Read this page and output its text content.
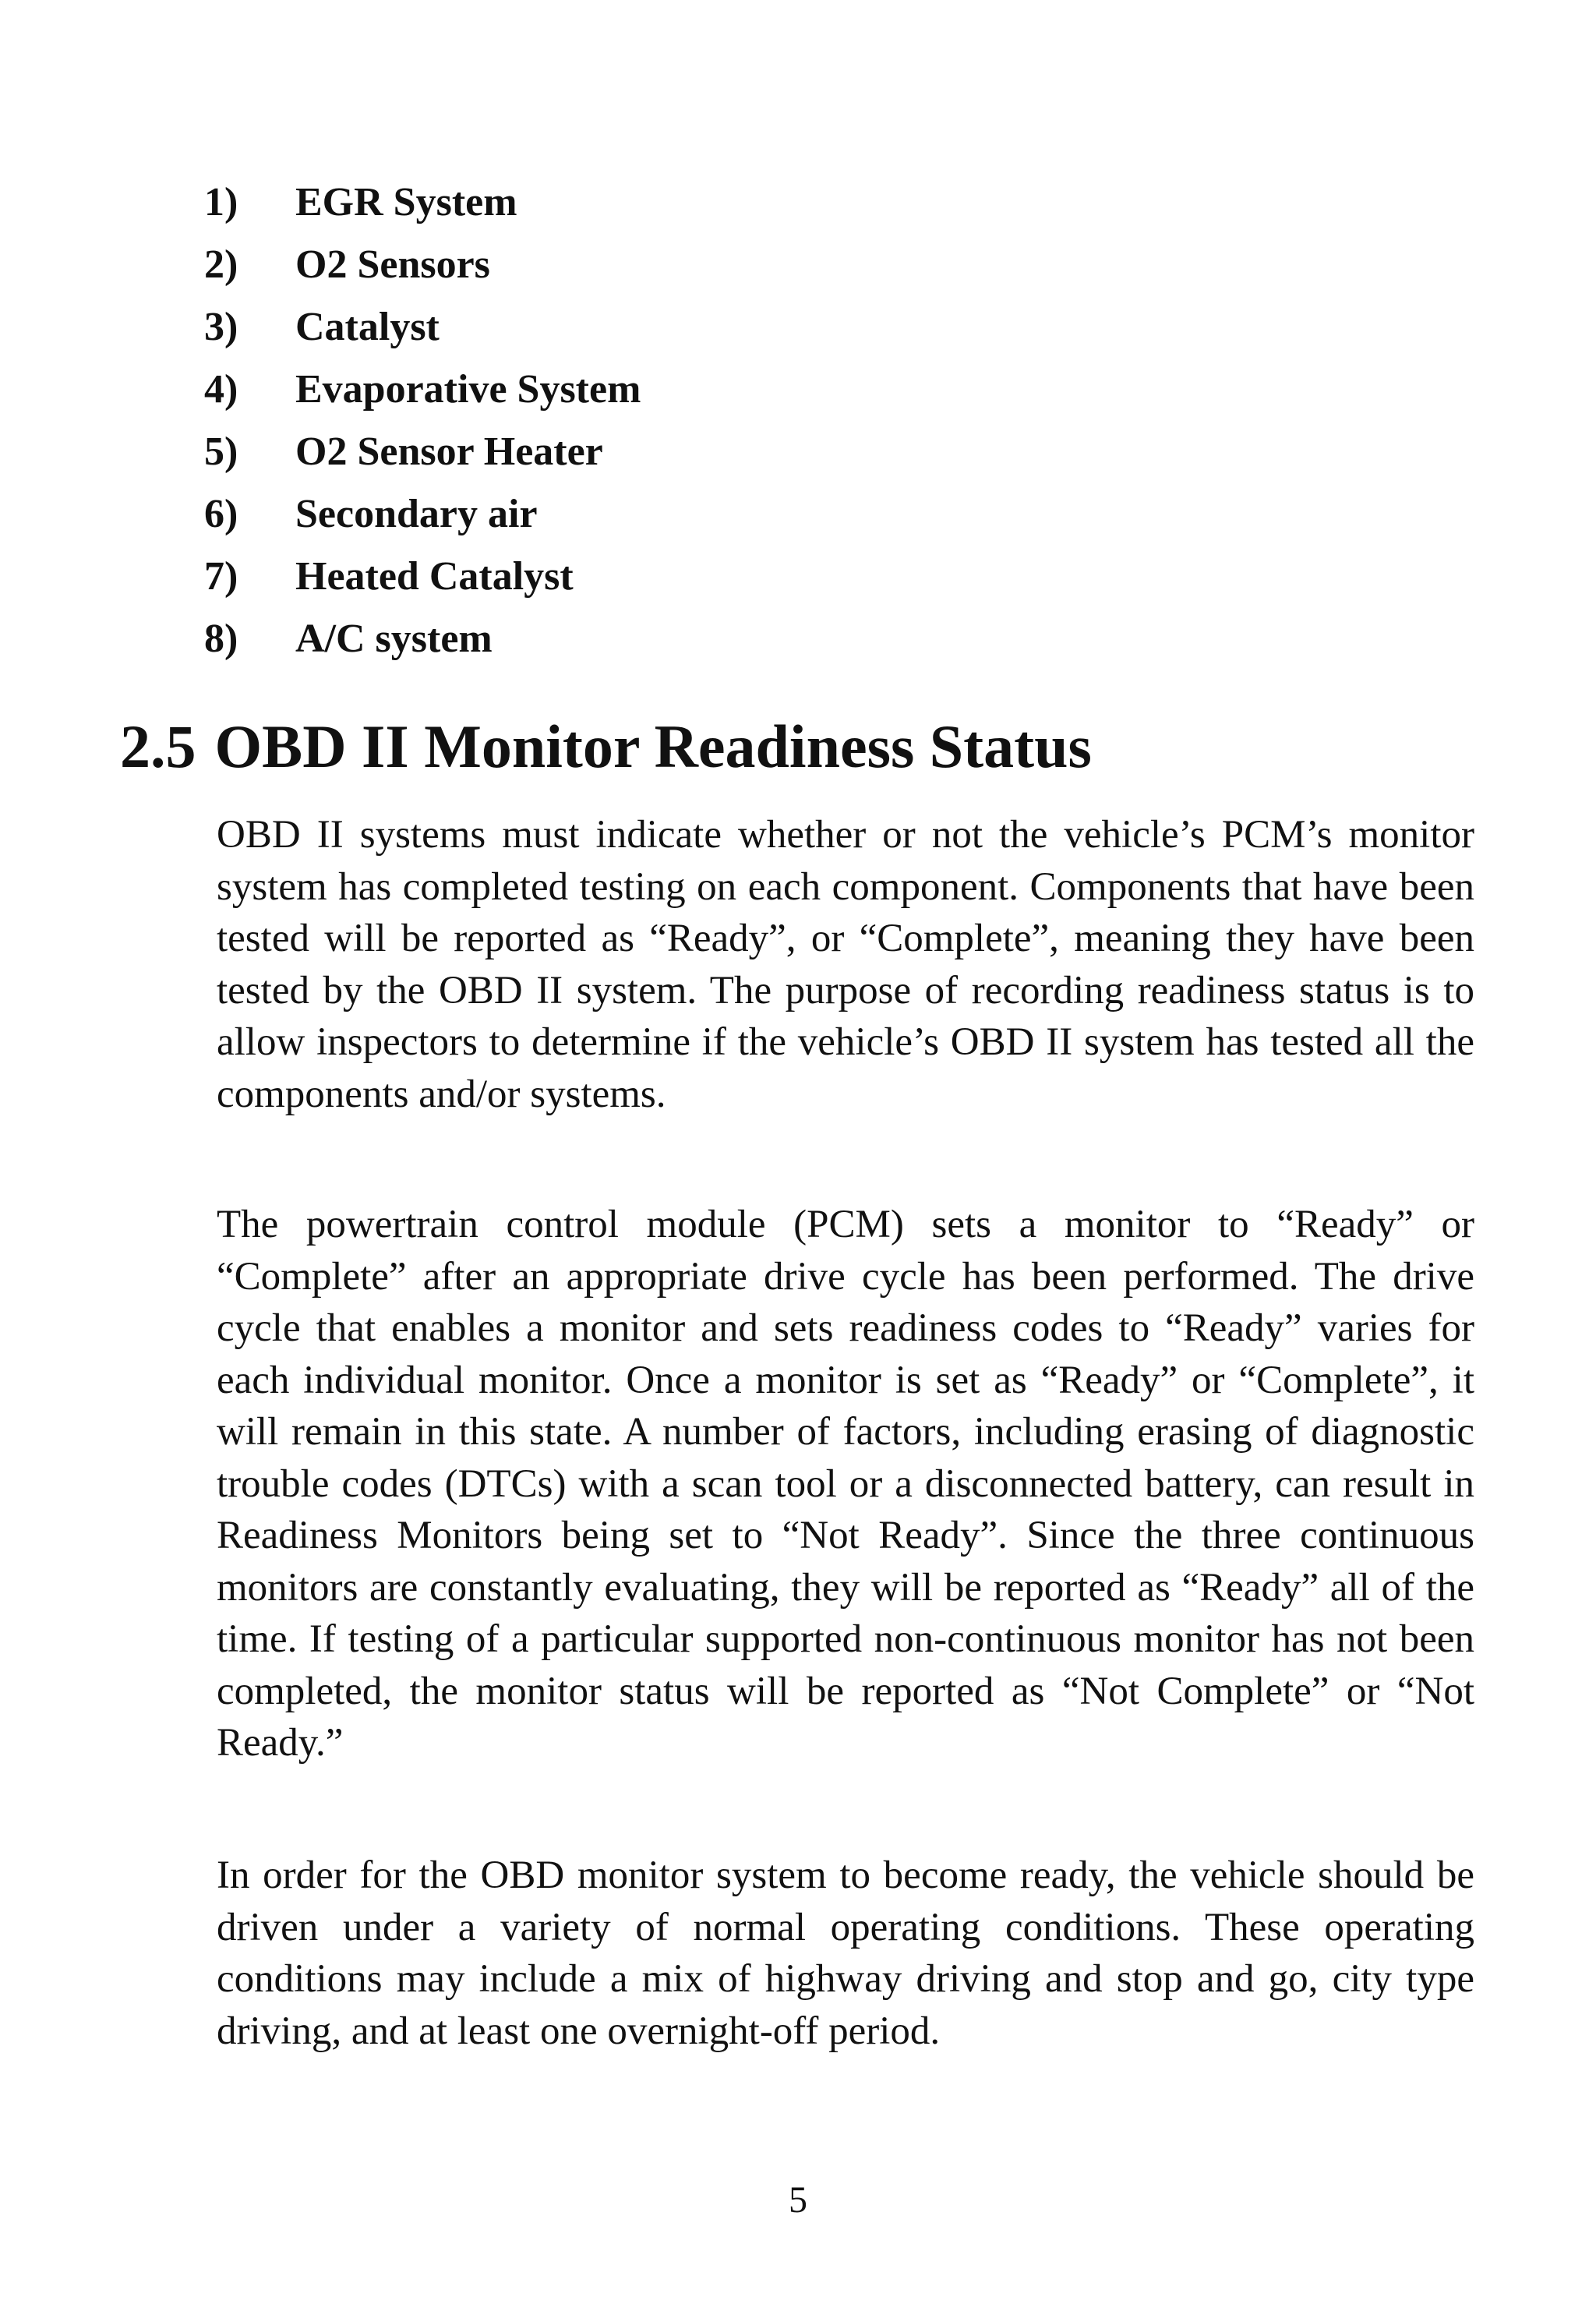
1)	EGR System
2)	O2 Sensors
3)	Catalyst
4)	Evaporative System
5)	O2 Sensor Heater
6)	Secondary air
7)	Heated Catalyst
8)	A/C system
2.5 OBD II Monitor Readiness Status

OBD II systems must indicate whether or not the vehicle’s PCM’s monitor system has completed testing on each component. Components that have been tested will be reported as “Ready”, or “Complete”, meaning they have been tested by the OBD II system. The purpose of recording readiness status is to allow inspectors to determine if the vehicle’s OBD II system has tested all the components and/or systems.

The powertrain control module (PCM) sets a monitor to “Ready” or “Complete” after an appropriate drive cycle has been performed. The drive cycle that enables a monitor and sets readiness codes to “Ready” varies for each individual monitor. Once a monitor is set as “Ready” or “Complete”, it will remain in this state. A number of factors, including erasing of diagnostic trouble codes (DTCs) with a scan tool or a disconnected battery, can result in Readiness Monitors being set to “Not Ready”. Since the three continuous monitors are constantly evaluating, they will be reported as “Ready” all of the time. If testing of a particular supported non-continuous monitor has not been completed, the monitor status will be reported as “Not Complete” or “Not Ready.”

In order for the OBD monitor system to become ready, the vehicle should be driven under a variety of normal operating conditions. These operating conditions may include a mix of highway driving and stop and go, city type driving, and at least one overnight-off period.

5
